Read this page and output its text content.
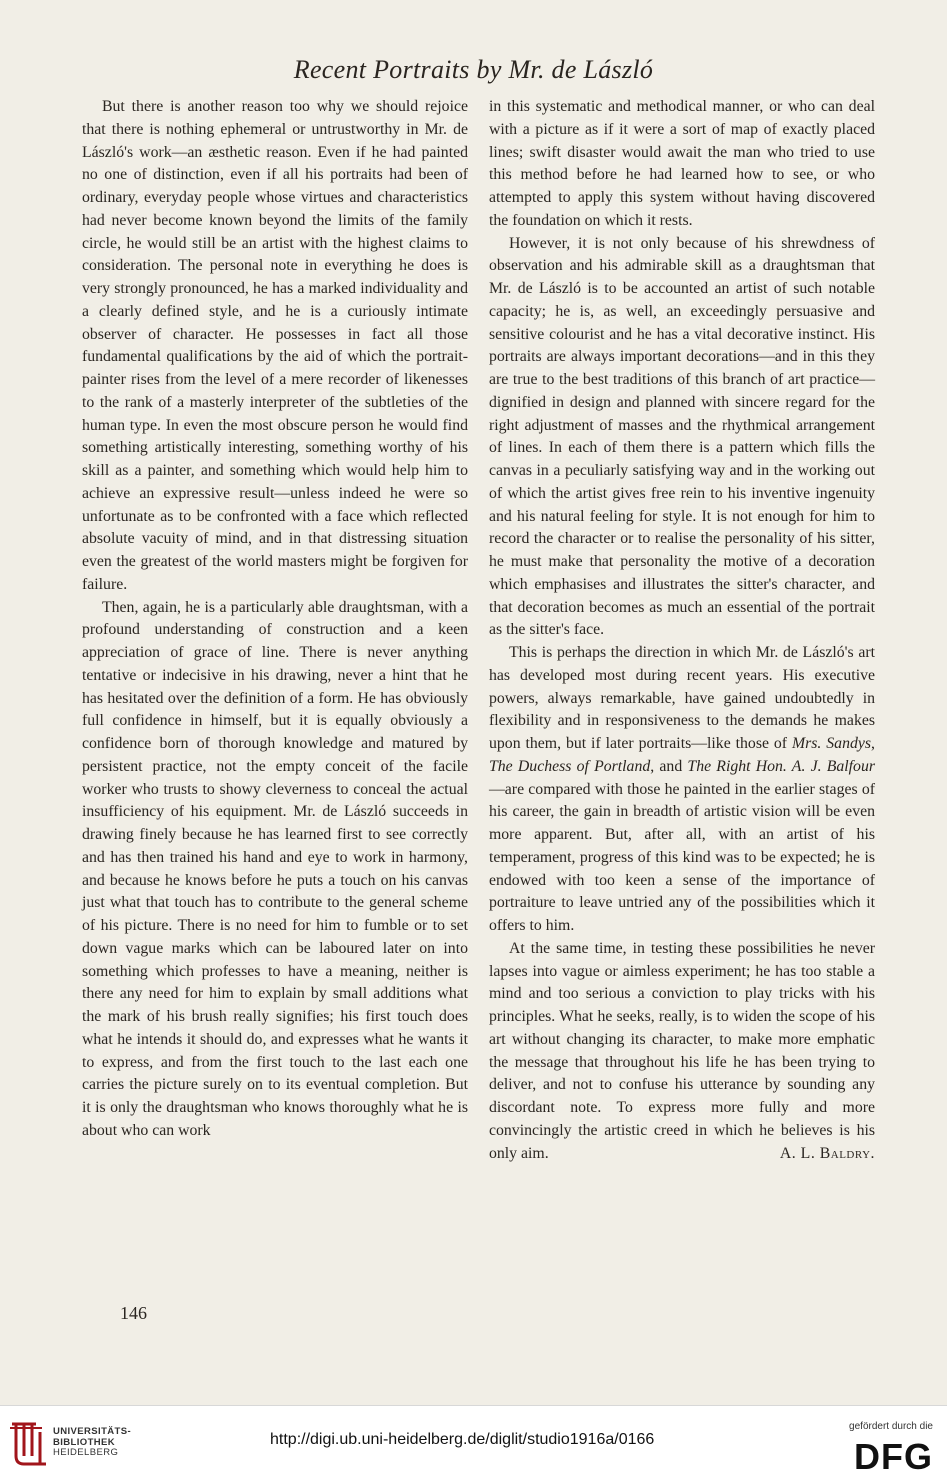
Recent Portraits by Mr. de László

But there is another reason too why we should rejoice that there is nothing ephemeral or untrustworthy in Mr. de László's work—an æsthetic reason. Even if he had painted no one of distinction, even if all his portraits had been of ordinary, everyday people whose virtues and characteristics had never become known beyond the limits of the family circle, he would still be an artist with the highest claims to consideration. The personal note in everything he does is very strongly pronounced, he has a marked individuality and a clearly defined style, and he is a curiously intimate observer of character. He possesses in fact all those fundamental qualifications by the aid of which the portrait-painter rises from the level of a mere recorder of likenesses to the rank of a masterly interpreter of the subtleties of the human type. In even the most obscure person he would find something artistically interesting, something worthy of his skill as a painter, and something which would help him to achieve an expressive result—unless indeed he were so unfortunate as to be confronted with a face which reflected absolute vacuity of mind, and in that distressing situation even the greatest of the world masters might be forgiven for failure.

Then, again, he is a particularly able draughtsman, with a profound understanding of construction and a keen appreciation of grace of line. There is never anything tentative or indecisive in his drawing, never a hint that he has hesitated over the definition of a form. He has obviously full confidence in himself, but it is equally obviously a confidence born of thorough knowledge and matured by persistent practice, not the empty conceit of the facile worker who trusts to showy cleverness to conceal the actual insufficiency of his equipment. Mr. de László succeeds in drawing finely because he has learned first to see correctly and has then trained his hand and eye to work in harmony, and because he knows before he puts a touch on his canvas just what that touch has to contribute to the general scheme of his picture. There is no need for him to fumble or to set down vague marks which can be laboured later on into something which professes to have a meaning, neither is there any need for him to explain by small additions what the mark of his brush really signifies; his first touch does what he intends it should do, and expresses what he wants it to express, and from the first touch to the last each one carries the picture surely on to its eventual completion. But it is only the draughtsman who knows thoroughly what he is about who can work

in this systematic and methodical manner, or who can deal with a picture as if it were a sort of map of exactly placed lines; swift disaster would await the man who tried to use this method before he had learned how to see, or who attempted to apply this system without having discovered the foundation on which it rests.

However, it is not only because of his shrewdness of observation and his admirable skill as a draughtsman that Mr. de László is to be accounted an artist of such notable capacity; he is, as well, an exceedingly persuasive and sensitive colourist and he has a vital decorative instinct. His portraits are always important decorations—and in this they are true to the best traditions of this branch of art practice—dignified in design and planned with sincere regard for the right adjustment of masses and the rhythmical arrangement of lines. In each of them there is a pattern which fills the canvas in a peculiarly satisfying way and in the working out of which the artist gives free rein to his inventive ingenuity and his natural feeling for style. It is not enough for him to record the character or to realise the personality of his sitter, he must make that personality the motive of a decoration which emphasises and illustrates the sitter's character, and that decoration becomes as much an essential of the portrait as the sitter's face.

This is perhaps the direction in which Mr. de László's art has developed most during recent years. His executive powers, always remarkable, have gained undoubtedly in flexibility and in responsiveness to the demands he makes upon them, but if later portraits—like those of Mrs. Sandys, The Duchess of Portland, and The Right Hon. A. J. Balfour—are compared with those he painted in the earlier stages of his career, the gain in breadth of artistic vision will be even more apparent. But, after all, with an artist of his temperament, progress of this kind was to be expected; he is endowed with too keen a sense of the importance of portraiture to leave untried any of the possibilities which it offers to him.

At the same time, in testing these possibilities he never lapses into vague or aimless experiment; he has too stable a mind and too serious a conviction to play tricks with his principles. What he seeks, really, is to widen the scope of his art without changing its character, to make more emphatic the message that throughout his life he has been trying to deliver, and not to confuse his utterance by sounding any discordant note. To express more fully and more convincingly the artistic creed in which he believes is his only aim.	A. L. Baldry.

146
UNIVERSITÄTS-
BIBLIOTHEK
HEIDELBERG
http://digi.ub.uni-heidelberg.de/diglit/studio1916a/0166
gefördert durch die
DFG
